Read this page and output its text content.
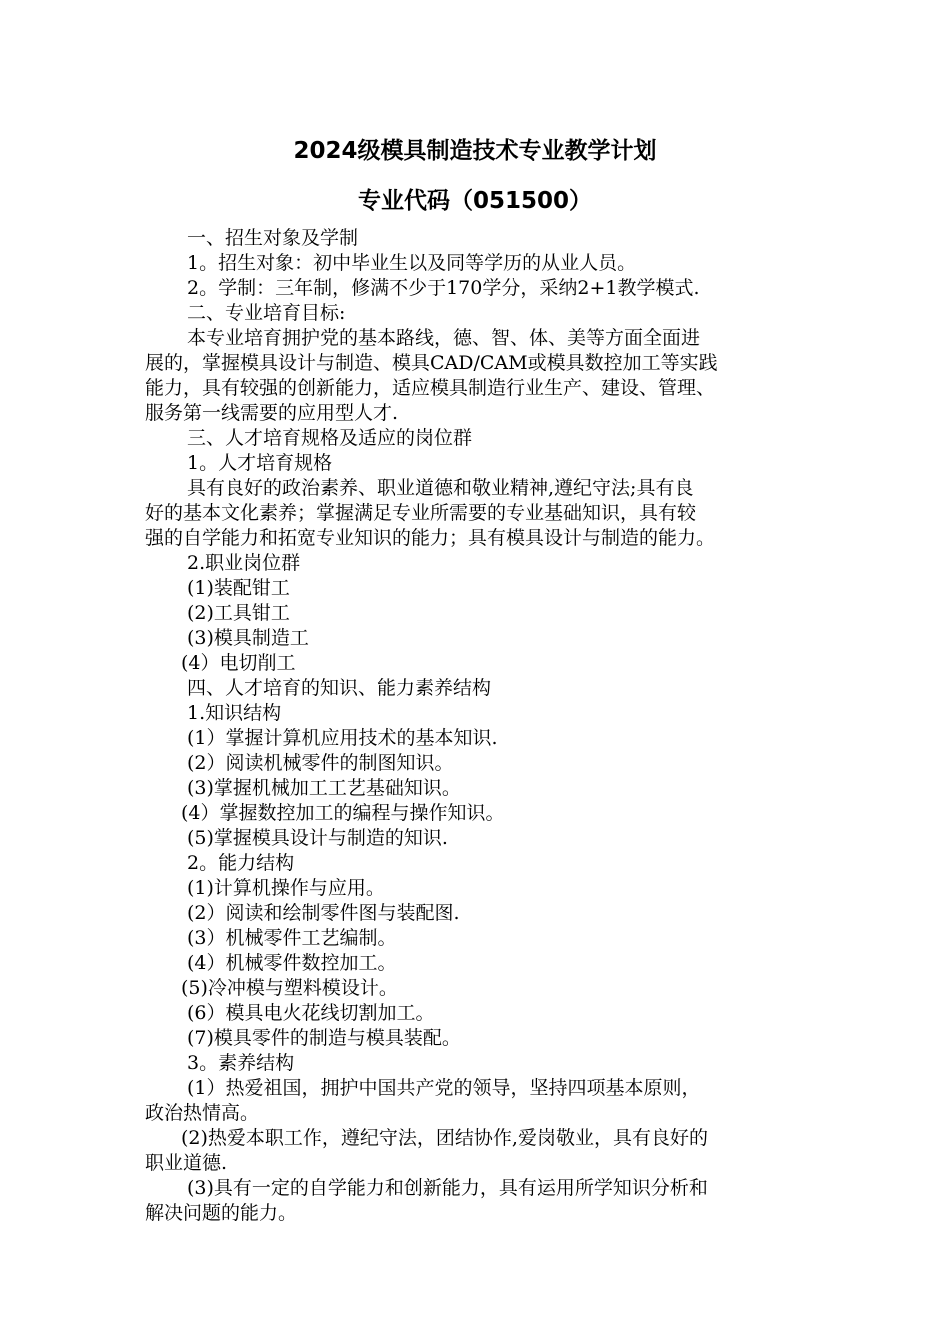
2024级模具制造技术专业教学计划
专业代码（051500）
一、招生对象及学制
1。招生对象：初中毕业生以及同等学历的从业人员。
2。学制：三年制，修满不少于170学分，采纳2+1教学模式.
二、专业培育目标:
本专业培育拥护党的基本路线，德、智、体、美等方面全面进
展的，掌握模具设计与制造、模具CAD/CAM或模具数控加工等实践
能力，具有较强的创新能力，适应模具制造行业生产、建设、管理、
服务第一线需要的应用型人才.
三、人才培育规格及适应的岗位群
1。人才培育规格
具有良好的政治素养、职业道德和敬业精神,遵纪守法;具有良
好的基本文化素养；掌握满足专业所需要的专业基础知识，具有较
强的自学能力和拓宽专业知识的能力；具有模具设计与制造的能力。
2.职业岗位群
(1)装配钳工
(2)工具钳工
(3)模具制造工
(4）电切削工
四、人才培育的知识、能力素养结构
1.知识结构
(1）掌握计算机应用技术的基本知识.
(2）阅读机械零件的制图知识。
(3)掌握机械加工工艺基础知识。
(4）掌握数控加工的编程与操作知识。
(5)掌握模具设计与制造的知识.
2。能力结构
(1)计算机操作与应用。
(2）阅读和绘制零件图与装配图.
(3）机械零件工艺编制。
(4）机械零件数控加工。
(5)冷冲模与塑料模设计。
(6）模具电火花线切割加工。
(7)模具零件的制造与模具装配。
3。素养结构
(1）热爱祖国，拥护中国共产党的领导，坚持四项基本原则，
政治热情高。
(2)热爱本职工作，遵纪守法，团结协作,爱岗敬业，具有良好的
职业道德.
(3)具有一定的自学能力和创新能力，具有运用所学知识分析和
解决问题的能力。
